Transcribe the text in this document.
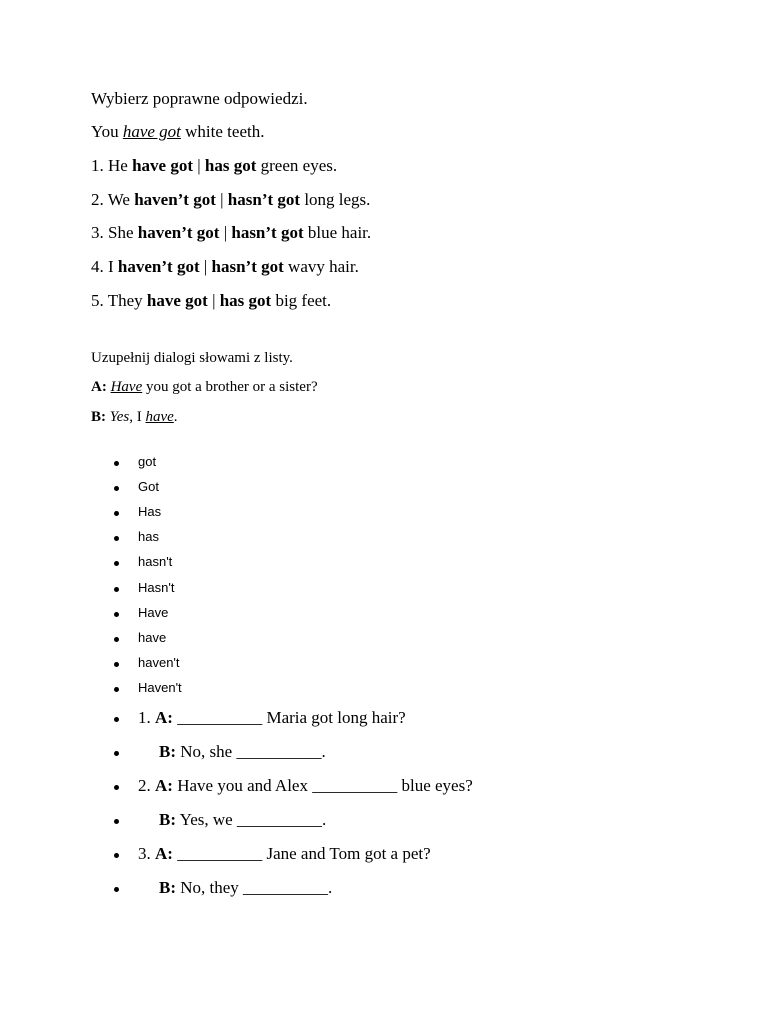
Wybierz poprawne odpowiedzi.
You have got white teeth.
1. He have got | has got green eyes.
2. We haven’t got | hasn’t got long legs.
3. She haven’t got | hasn’t got blue hair.
4. I haven’t got | hasn’t got wavy hair.
5. They have got | has got big feet.
Uzupełnij dialogi słowami z listy.
A: Have you got a brother or a sister?
B: Yes, I have.
got
Got
Has
has
hasn't
Hasn't
Have
have
haven't
Haven't
1. A: __________ Maria got long hair?
B: No, she __________.
2. A: Have you and Alex __________ blue eyes?
B: Yes, we __________.
3. A: __________ Jane and Tom got a pet?
B: No, they __________.
